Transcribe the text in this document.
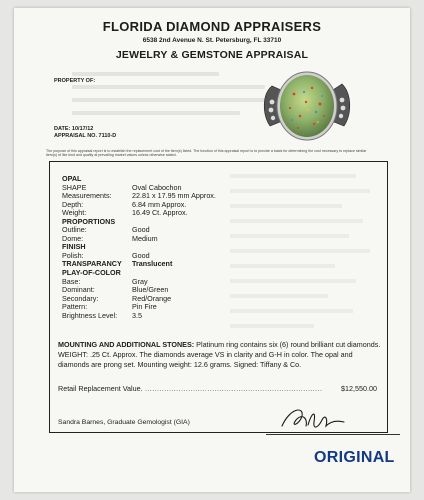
FLORIDA DIAMOND APPRAISERS
6538 2nd Avenue N. St. Petersburg, FL 33710
JEWELRY & GEMSTONE APPRAISAL
PROPERTY OF:
DATE: 10/17/12
APPRAISAL NO. 7110-D
The purpose of this appraisal report is to establish the replacement cost of the item(s) listed. The function of this appraisal report is to provide a basis for determining the cost necessary to replace similar item(s) of like kind and quality at prevailing market values unless otherwise stated.
OPAL
SHAPE	Oval Cabochon
Measurements:	22.81 x 17.95 mm Approx.
Depth:	6.84 mm Approx.
Weight:	16.49 Ct. Approx.
PROPORTIONS
Outline:	Good
Dome:	Medium
FINISH
Polish:	Good
TRANSPARANCY Translucent
PLAY-OF-COLOR
Base:	Gray
Dominant:	Blue/Green
Secondary:	Red/Orange
Pattern:	Pin Fire
Brightness Level: 3.5
MOUNTING AND ADDITIONAL STONES: Platinum ring contains six (6) round brilliant cut diamonds. WEIGHT: .25 Ct. Approx. The diamonds average VS in clarity and G-H in color. The opal and diamonds are prong set. Mounting weight: 12.6 grams. Signed: Tiffany & Co.
Retail Replacement Value. ..........................................................................	$12,550.00
Sandra Barnes, Graduate Gemologist (GIA)
ORIGINAL
